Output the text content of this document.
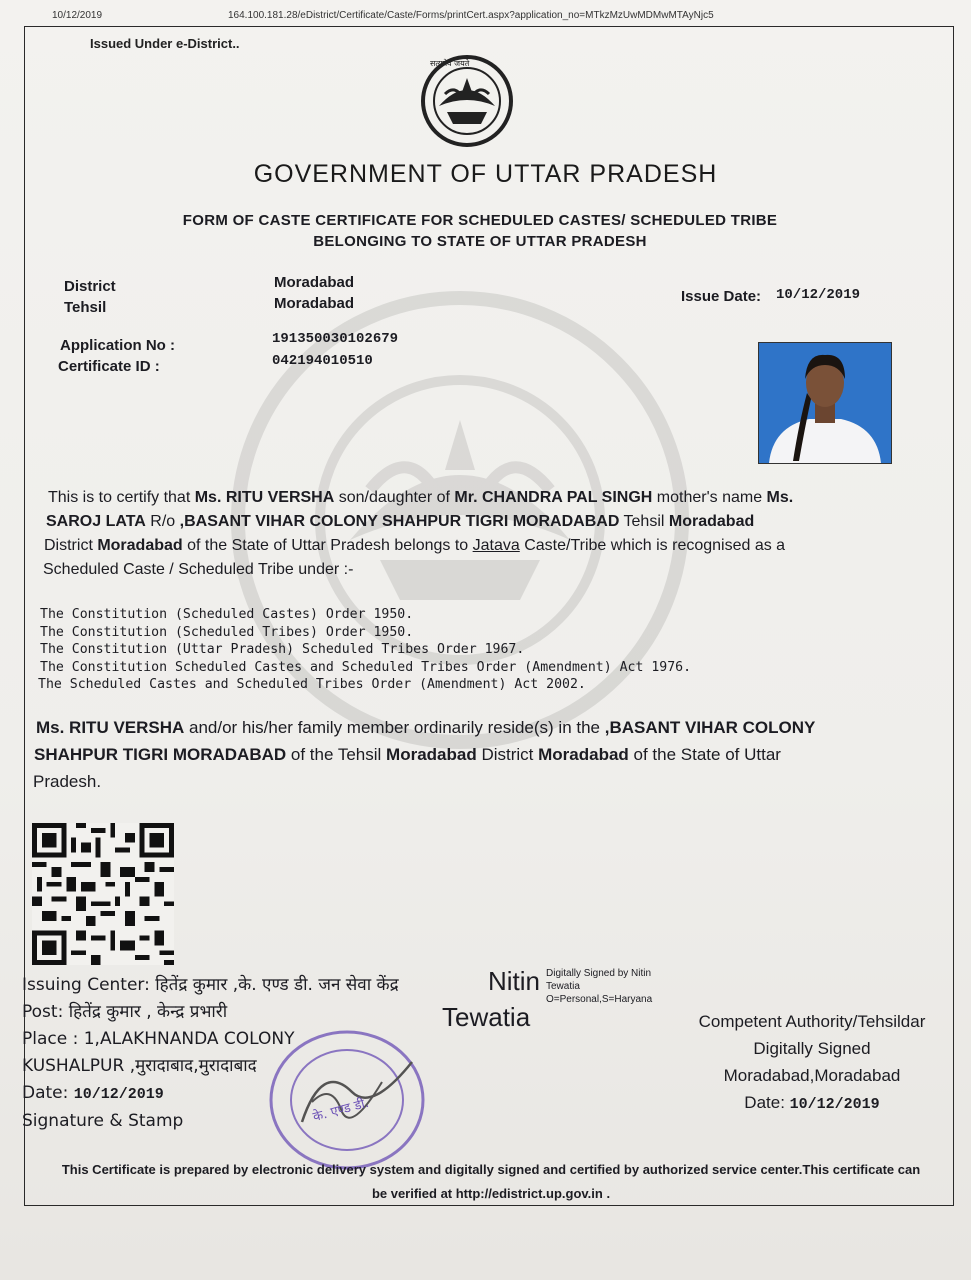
10/12/2019	164.100.181.28/eDistrict/Certificate/Caste/Forms/printCert.aspx?application_no=MTkzMzUwMDMwMTAyNjc5
Issued Under e-District..
सत्यमेव जयते
GOVERNMENT OF UTTAR PRADESH
FORM OF CASTE CERTIFICATE FOR SCHEDULED CASTES/ SCHEDULED TRIBE
BELONGING TO STATE OF UTTAR PRADESH
District	Moradabad
Tehsil	Moradabad	Issue Date: 10/12/2019
Application No :	191350030102679
Certificate ID :	042194010510
This is to certify that Ms. RITU VERSHA son/daughter of Mr. CHANDRA PAL SINGH mother's name Ms.
SAROJ LATA R/o ,BASANT VIHAR COLONY SHAHPUR TIGRI MORADABAD Tehsil Moradabad
District Moradabad of the State of Uttar Pradesh belongs to Jatava Caste/Tribe which is recognised as a
Scheduled Caste / Scheduled Tribe under :-
The Constitution (Scheduled Castes) Order 1950.
The Constitution (Scheduled Tribes) Order 1950.
The Constitution (Uttar Pradesh) Scheduled Tribes Order 1967.
The Constitution Scheduled Castes and Scheduled Tribes Order (Amendment) Act 1976.
The Scheduled Castes and Scheduled Tribes Order (Amendment) Act 2002.
Ms. RITU VERSHA and/or his/her family member ordinarily reside(s) in the ,BASANT VIHAR COLONY
SHAHPUR TIGRI MORADABAD of the Tehsil Moradabad District Moradabad of the State of Uttar
Pradesh.
Issuing Center: हितेंद्र कुमार ,के. एण्ड डी. जन सेवा केंद्र
Post: हितेंद्र कुमार , केन्द्र प्रभारी
Place : 1,ALAKHNANDA COLONY
KUSHALPUR ,मुरादाबाद,मुरादाबाद
Date: 10/12/2019
Signature & Stamp	के. एण्ड डी.
Nitin
Tewatia
Digitally Signed by Nitin
Tewatia
O=Personal,S=Haryana
Competent Authority/Tehsildar
Digitally Signed
Moradabad,Moradabad
Date: 10/12/2019
This Certificate is prepared by electronic delivery system and digitally signed and certified by authorized service center.This certificate can
be verified at http://edistrict.up.gov.in .
